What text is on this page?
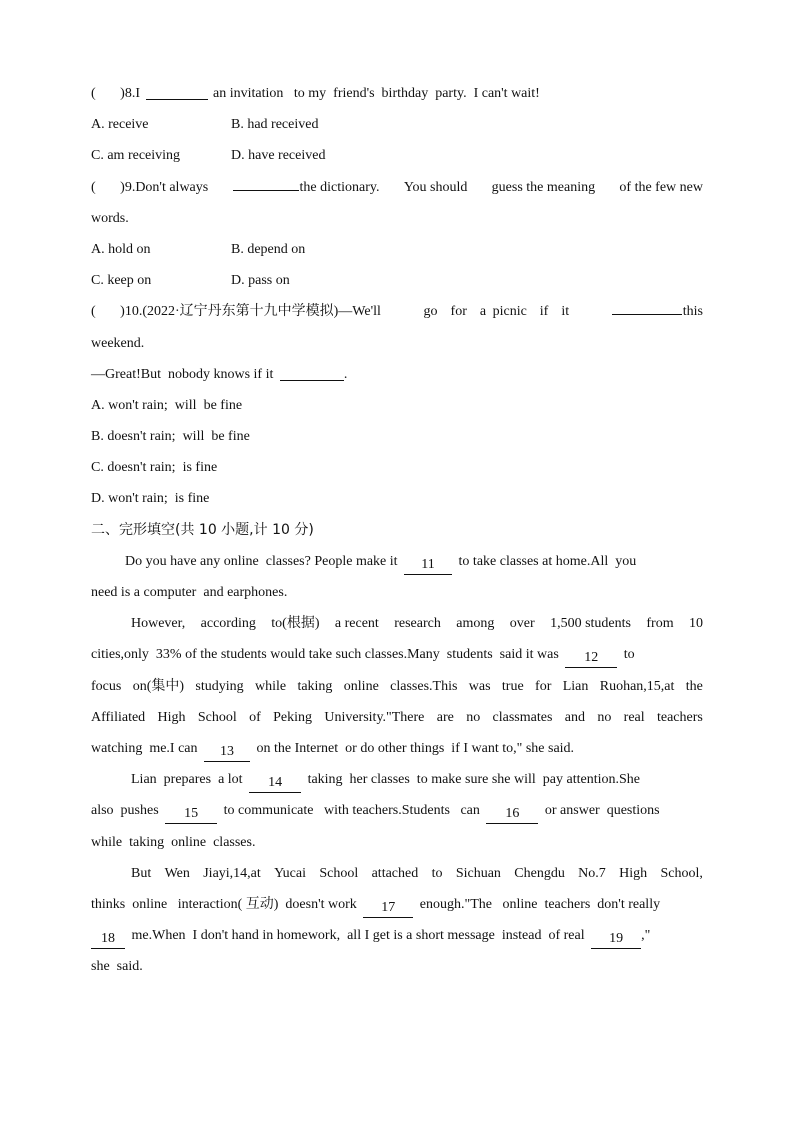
(       )8.I	an invitation   to my  friend's  birthday  party.  I can't wait!
A. receive	B. had received
C. am receiving	D. have received
(       )9.Don't always	the dictionary. You should guess the meaning of the few new
words.
A. hold on	B. depend on
C. keep on	D. pass on
(       )10.(2022·辽宁丹东第十九中学模拟)—We'll	go  for  a picnic  if  it	this
weekend.
—Great!But  nobody knows if it	.
A. won't rain;  will  be fine
B. doesn't rain;  will  be fine
C. doesn't rain;  is fine
D. won't rain;  is fine
二、完形填空(共 10 小题,计 10 分)
Do you have any online  classes? People make it 11 to take classes at home.All  you
need is a computer  and earphones.
However, according to(根据) a recent research among over 1,500 students from 10
cities,only  33% of the students would take such classes.Many  students  said it was 12 to
focus on(集中) studying while taking online classes.This was true for Lian Ruohan,15,at the
Affiliated High School of Peking University."There are no classmates and no real teachers
watching  me.I can 13 on the Internet  or do other things  if I want to," she said.
Lian  prepares  a lot 14 taking  her classes  to make sure she will  pay attention.She
also  pushes 15 to communicate   with teachers.Students   can 16 or answer  questions
while  taking  online  classes.
But Wen Jiayi,14,at Yucai School attached to Sichuan Chengdu No.7 High School,
thinks  online   interaction( 互动)  doesn't work 17 enough."The   online  teachers  don't really
18 me.When  I don't hand in homework,  all I get is a short message  instead  of real 19 ,"
she  said.
